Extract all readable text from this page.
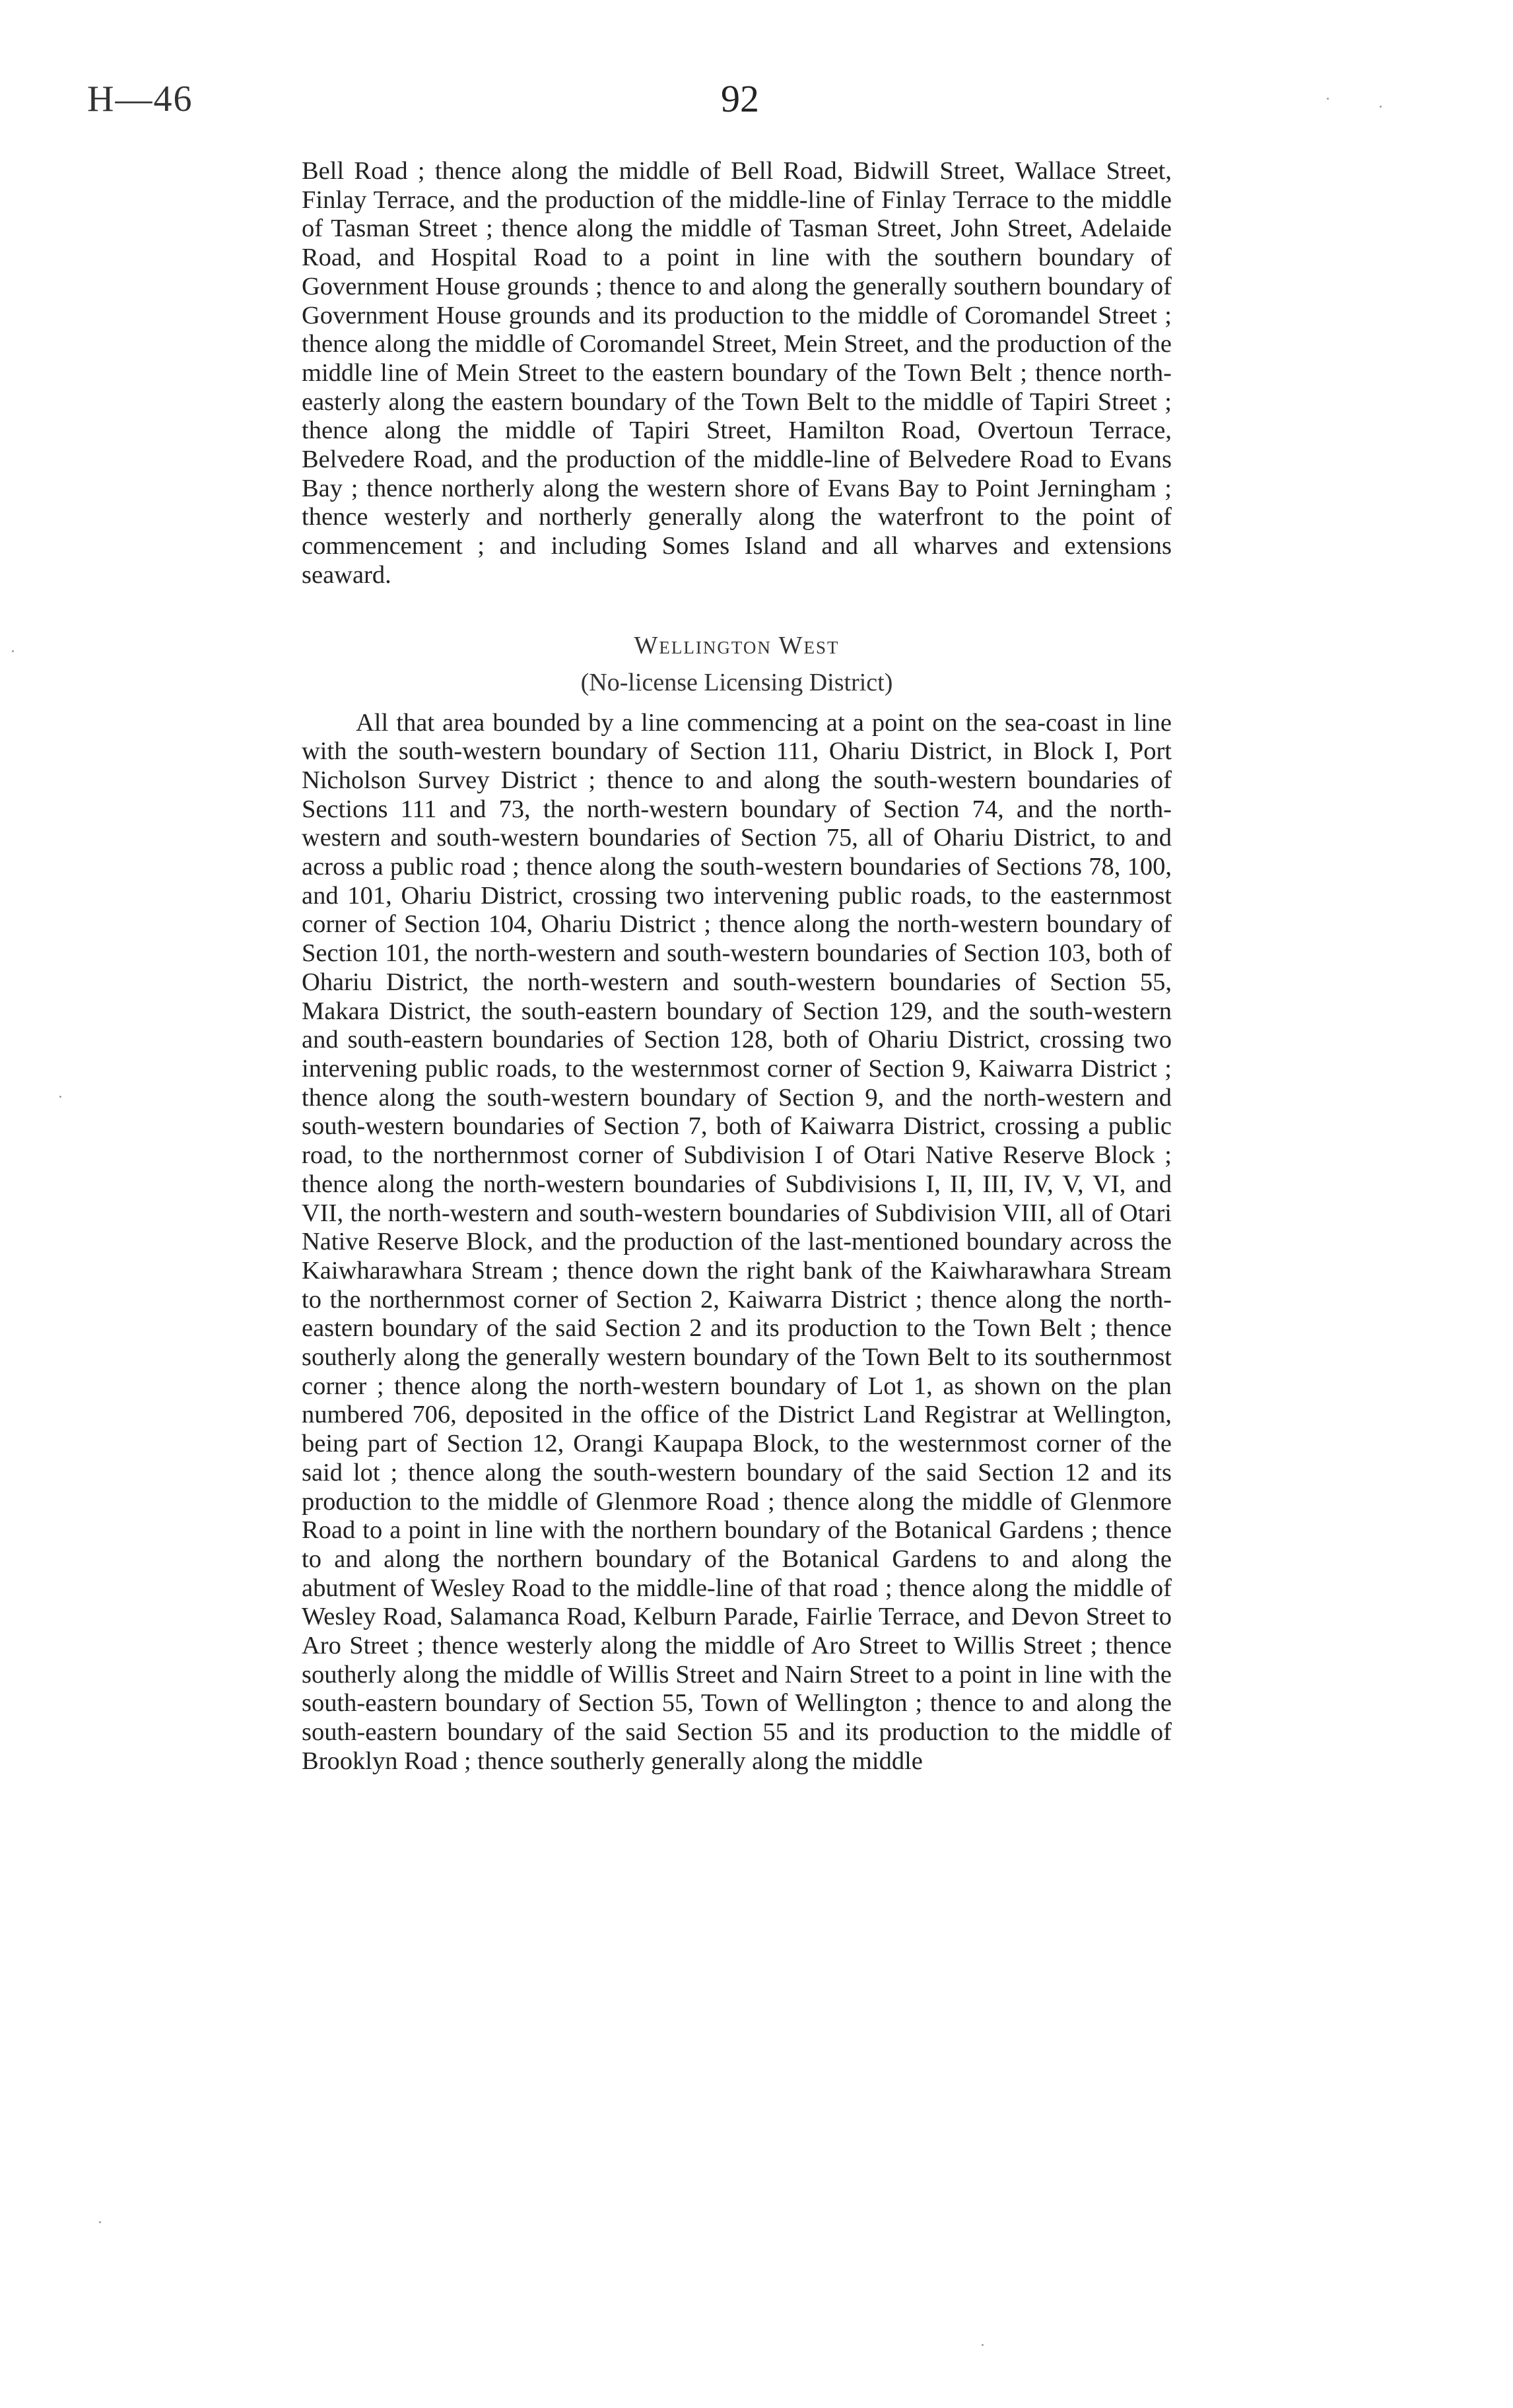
H—46	92

Bell Road ; thence along the middle of Bell Road, Bidwill Street, Wallace Street, Finlay Terrace, and the production of the middle-line of Finlay Terrace to the middle of Tasman Street ; thence along the middle of Tasman Street, John Street, Adelaide Road, and Hospital Road to a point in line with the southern boundary of Government House grounds ; thence to and along the generally southern boundary of Government House grounds and its production to the middle of Coromandel Street ; thence along the middle of Coromandel Street, Mein Street, and the production of the middle line of Mein Street to the eastern boundary of the Town Belt ; thence north-easterly along the eastern boundary of the Town Belt to the middle of Tapiri Street ; thence along the middle of Tapiri Street, Hamilton Road, Overtoun Terrace, Belvedere Road, and the production of the middle-line of Belvedere Road to Evans Bay ; thence northerly along the western shore of Evans Bay to Point Jerningham ; thence westerly and northerly generally along the waterfront to the point of commencement ; and including Somes Island and all wharves and extensions seaward.

Wellington West
(No-license Licensing District)

All that area bounded by a line commencing at a point on the sea-coast in line with the south-western boundary of Section 111, Ohariu District, in Block I, Port Nicholson Survey District ; thence to and along the south-western boundaries of Sections 111 and 73, the north-western boundary of Section 74, and the north-western and south-western boundaries of Section 75, all of Ohariu District, to and across a public road ; thence along the south-western boundaries of Sections 78, 100, and 101, Ohariu District, crossing two intervening public roads, to the easternmost corner of Section 104, Ohariu District ; thence along the north-western boundary of Section 101, the north-western and south-western boundaries of Section 103, both of Ohariu District, the north-western and south-western boundaries of Section 55, Makara District, the south-eastern boundary of Section 129, and the south-western and south-eastern boundaries of Section 128, both of Ohariu District, crossing two intervening public roads, to the westernmost corner of Section 9, Kaiwarra District ; thence along the south-western boundary of Section 9, and the north-western and south-western boundaries of Section 7, both of Kaiwarra District, crossing a public road, to the northernmost corner of Subdivision I of Otari Native Reserve Block ; thence along the north-western boundaries of Subdivisions I, II, III, IV, V, VI, and VII, the north-western and south-western boundaries of Subdivision VIII, all of Otari Native Reserve Block, and the production of the last-mentioned boundary across the Kaiwharawhara Stream ; thence down the right bank of the Kaiwharawhara Stream to the northernmost corner of Section 2, Kaiwarra District ; thence along the north-eastern boundary of the said Section 2 and its production to the Town Belt ; thence southerly along the generally western boundary of the Town Belt to its southernmost corner ; thence along the north-western boundary of Lot 1, as shown on the plan numbered 706, deposited in the office of the District Land Registrar at Wellington, being part of Section 12, Orangi Kaupapa Block, to the westernmost corner of the said lot ; thence along the south-western boundary of the said Section 12 and its production to the middle of Glenmore Road ; thence along the middle of Glenmore Road to a point in line with the northern boundary of the Botanical Gardens ; thence to and along the northern boundary of the Botanical Gardens to and along the abutment of Wesley Road to the middle-line of that road ; thence along the middle of Wesley Road, Salamanca Road, Kelburn Parade, Fairlie Terrace, and Devon Street to Aro Street ; thence westerly along the middle of Aro Street to Willis Street ; thence southerly along the middle of Willis Street and Nairn Street to a point in line with the south-eastern boundary of Section 55, Town of Wellington ; thence to and along the south-eastern boundary of the said Section 55 and its production to the middle of Brooklyn Road ; thence southerly generally along the middle
